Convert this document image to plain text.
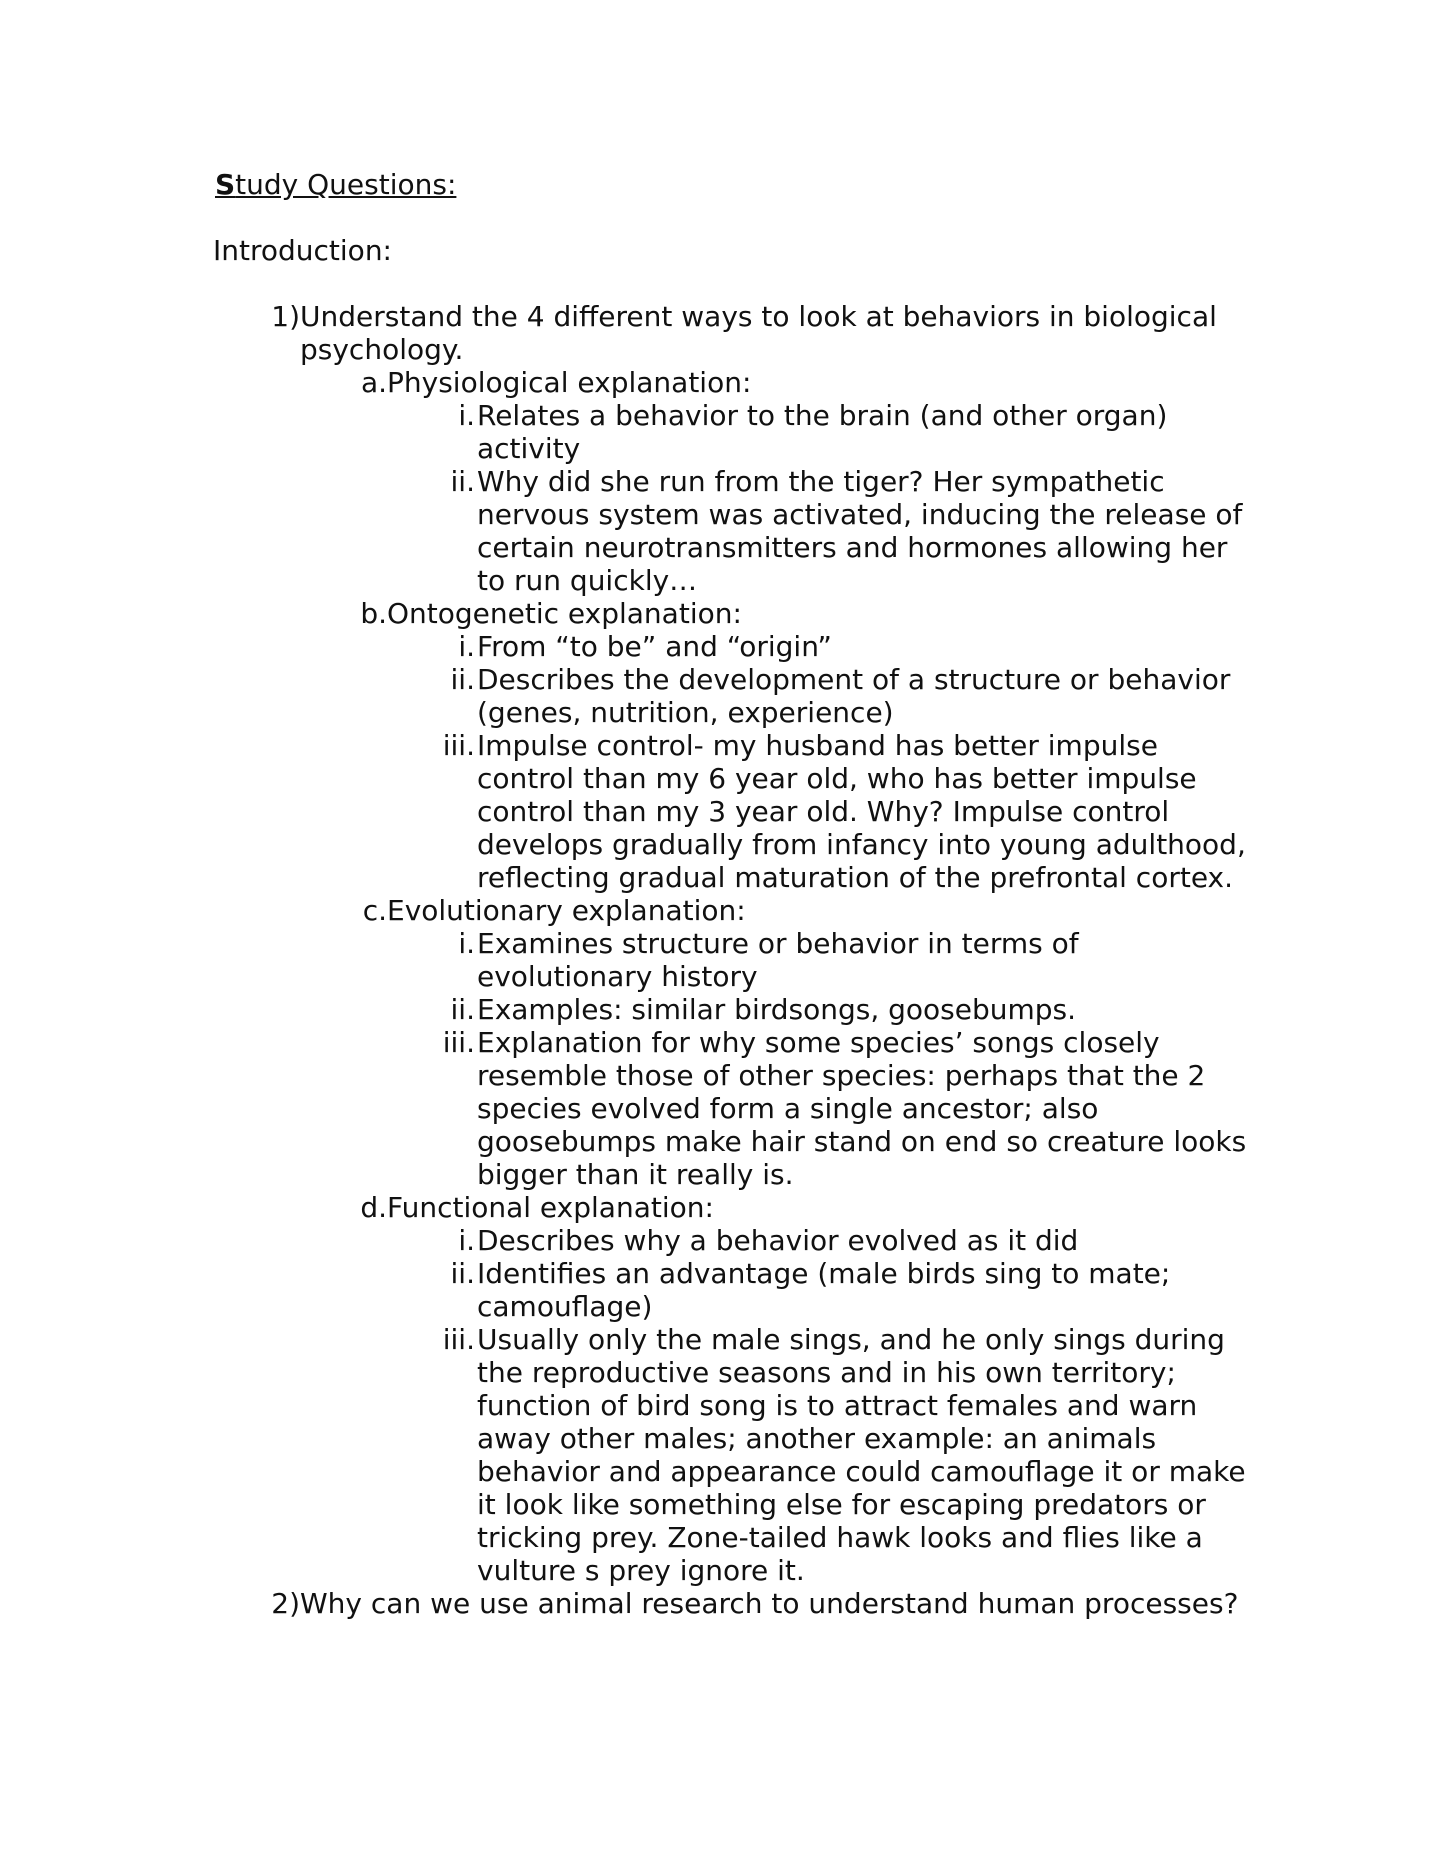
Study Questions:
Introduction:
1) Understand the 4 different ways to look at behaviors in biological psychology.
a. Physiological explanation:
i. Relates a behavior to the brain (and other organ) activity
ii. Why did she run from the tiger? Her sympathetic nervous system was activated, inducing the release of certain neurotransmitters and hormones allowing her to run quickly…
b. Ontogenetic explanation:
i. From “to be” and “origin”
ii. Describes the development of a structure or behavior (genes, nutrition, experience)
iii. Impulse control- my husband has better impulse control than my 6 year old, who has better impulse control than my 3 year old. Why? Impulse control develops gradually from infancy into young adulthood, reflecting gradual maturation of the prefrontal cortex.
c. Evolutionary explanation:
i. Examines structure or behavior in terms of evolutionary history
ii. Examples: similar birdsongs, goosebumps.
iii. Explanation for why some species’ songs closely resemble those of other species: perhaps that the 2 species evolved form a single ancestor; also goosebumps make hair stand on end so creature looks bigger than it really is.
d. Functional explanation:
i. Describes why a behavior evolved as it did
ii. Identifies an advantage (male birds sing to mate; camouflage)
iii. Usually only the male sings, and he only sings during the reproductive seasons and in his own territory; function of bird song is to attract females and warn away other males; another example: an animals behavior and appearance could camouflage it or make it look like something else for escaping predators or tricking prey. Zone-tailed hawk looks and flies like a vulture s prey ignore it.
2) Why can we use animal research to understand human processes?
